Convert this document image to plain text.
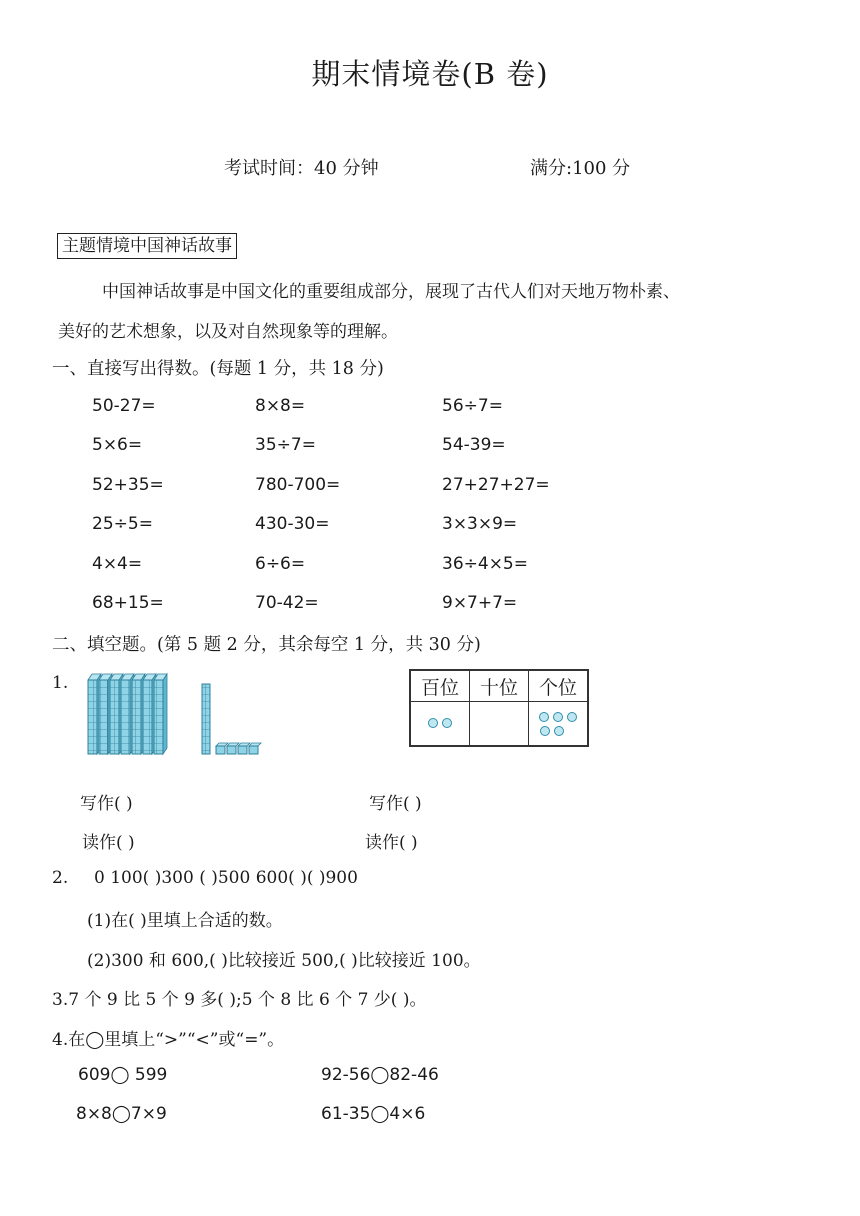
期末情境卷(B 卷)
考试时间：40 分钟	满分:100 分
主题情境中国神话故事

中国神话故事是中国文化的重要组成部分，展现了古代人们对天地万物朴素、

美好的艺术想象，以及对自然现象等的理解。

一、直接写出得数。(每题 1 分，共 18 分)
50-27=	8×8=	56÷7=
5×6=	35÷7=	54-39=
52+35=	780-700=	27+27+27=
25÷5=	430-30=	3×3×9=
4×4=	6÷6=	36÷4×5=
68+15=	70-42=	9×7+7=
二、填空题。(第 5 题 2 分，其余每空 1 分，共 30 分)
1.	百位	十位	个位

写作( )	写作( )
读作( )	读作( )
2. 0 100( )300 ( )500 600( )( )900
(1)在( )里填上合适的数。
(2)300 和 600,( )比较接近 500,( )比较接近 100。
3.7 个 9 比 5 个 9 多( );5 个 8 比 6 个 7 少( )。
4.在◯里填上“>”“<”或“=”。
609◯ 599	92-56◯82-46
8×8◯7×9	61-35◯4×6
